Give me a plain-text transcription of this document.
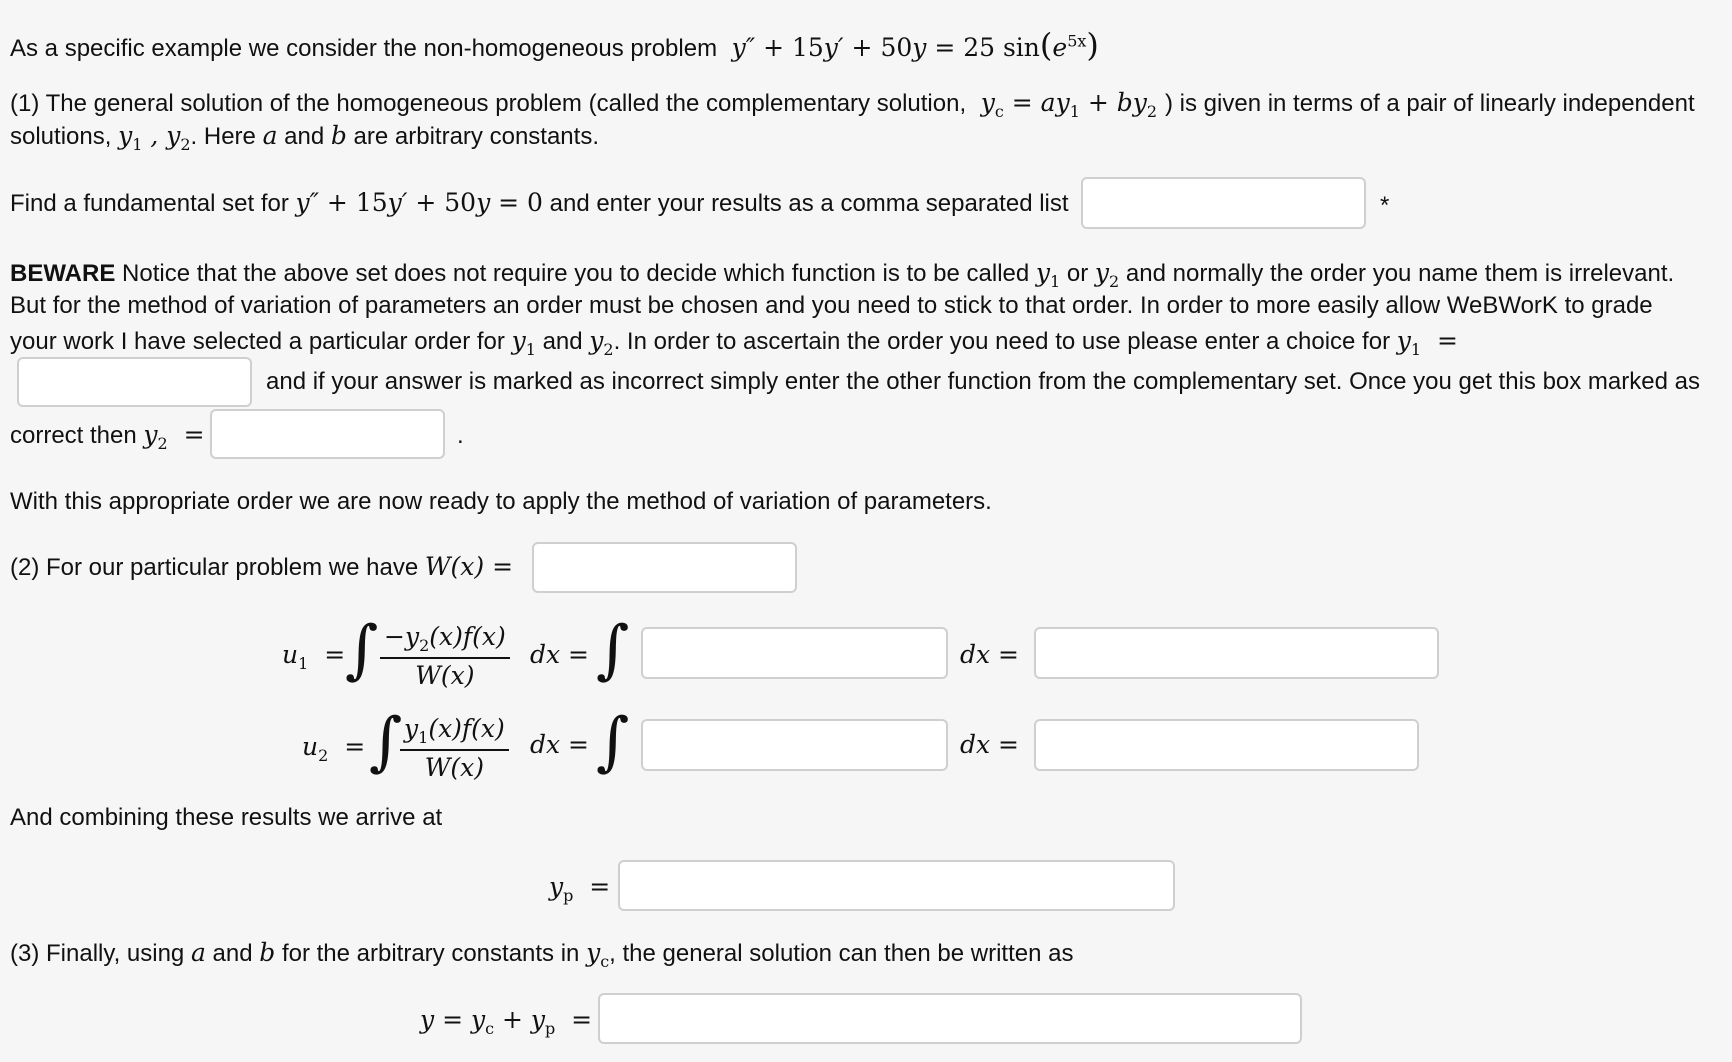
As a specific example we consider the non-homogeneous problem  y″ + 15y′ + 50y = 25 $\sin(e^{5x})$
(1) The general solution of the homogeneous problem (called the complementary solution,  $y_c = ay_1 + by_2$ ) is given in terms of a pair of linearly independent
solutions, $y_1$ , $y_2$. Here a and b are arbitrary constants.
Find a fundamental set for y″ + 15y′ + 50y = 0 and enter your results as a comma separated list	*
BEWARE Notice that the above set does not require you to decide which function is to be called $y_1$ or $y_2$ and normally the order you name them is irrelevant.
But for the method of variation of parameters an order must be chosen and you need to stick to that order. In order to more easily allow WeBWorK to grade
your work I have selected a particular order for $y_1$ and $y_2$. In order to ascertain the order you need to use please enter a choice for $y_1$  =
and if your answer is marked as incorrect simply enter the other function from the complementary set. Once you get this box marked as
correct then $y_2$  =	.
With this appropriate order we are now ready to apply the method of variation of parameters.
(2) For our particular problem we have W(x) =
$u_1$  = ∫ $\frac{-y_2(x)f(x)}{W(x)}$ dx = ∫	dx =
$u_2$  = ∫
$\frac{y_1(x)f(x)}{W(x)}$ dx = ∫	dx =
And combining these results we arrive at
$y_p$  =
(3) Finally, using a and b for the arbitrary constants in $y_c$, the general solution can then be written as
$y = y_c + y_p$  =
